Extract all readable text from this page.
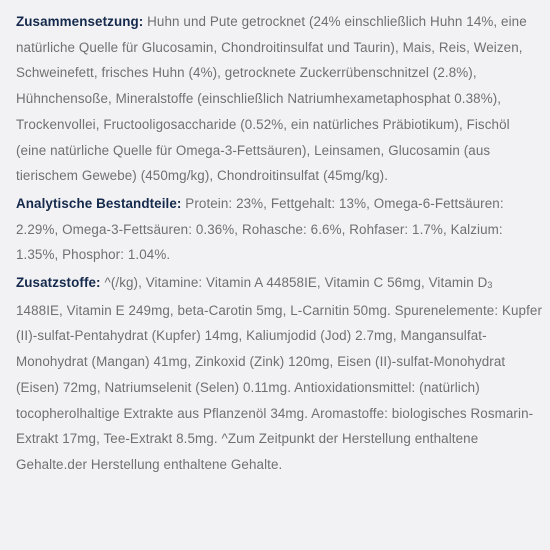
Zusammensetzung: Huhn und Pute getrocknet (24% einschließlich Huhn 14%, eine natürliche Quelle für Glucosamin, Chondroitinsulfat und Taurin), Mais, Reis, Weizen, Schweinefett, frisches Huhn (4%), getrocknete Zuckerrübenschnitzel (2.8%), Hühnchensoße, Mineralstoffe (einschließlich Natriumhexametaphosphat 0.38%), Trockenvollei, Fructooligosaccharide (0.52%, ein natürliches Präbiotikum), Fischöl (eine natürliche Quelle für Omega-3-Fettsäuren), Leinsamen, Glucosamin (aus tierischem Gewebe) (450mg/kg), Chondroitinsulfat (45mg/kg).

Analytische Bestandteile: Protein: 23%, Fettgehalt: 13%, Omega-6-Fettsäuren: 2.29%, Omega-3-Fettsäuren: 0.36%, Rohasche: 6.6%, Rohfaser: 1.7%, Kalzium: 1.35%, Phosphor: 1.04%.

Zusatzstoffe: ^(/kg), Vitamine: Vitamin A 44858IE, Vitamin C 56mg, Vitamin $D_3$ 1488IE, Vitamin E 249mg, beta-Carotin 5mg, L-Carnitin 50mg. Spurenelemente: Kupfer (II)-sulfat-Pentahydrat (Kupfer) 14mg, Kaliumjodid (Jod) 2.7mg, Mangansulfat-Monohydrat (Mangan) 41mg, Zinkoxid (Zink) 120mg, Eisen (II)-sulfat-Monohydrat (Eisen) 72mg, Natriumselenit (Selen) 0.11mg. Antioxidationsmittel: (natürlich) tocopherolhaltige Extrakte aus Pflanzenöl 34mg. Aromastoffe: biologisches Rosmarin-Extrakt 17mg, Tee-Extrakt 8.5mg. ^Zum Zeitpunkt der Herstellung enthaltene Gehalte.der Herstellung enthaltene Gehalte.
